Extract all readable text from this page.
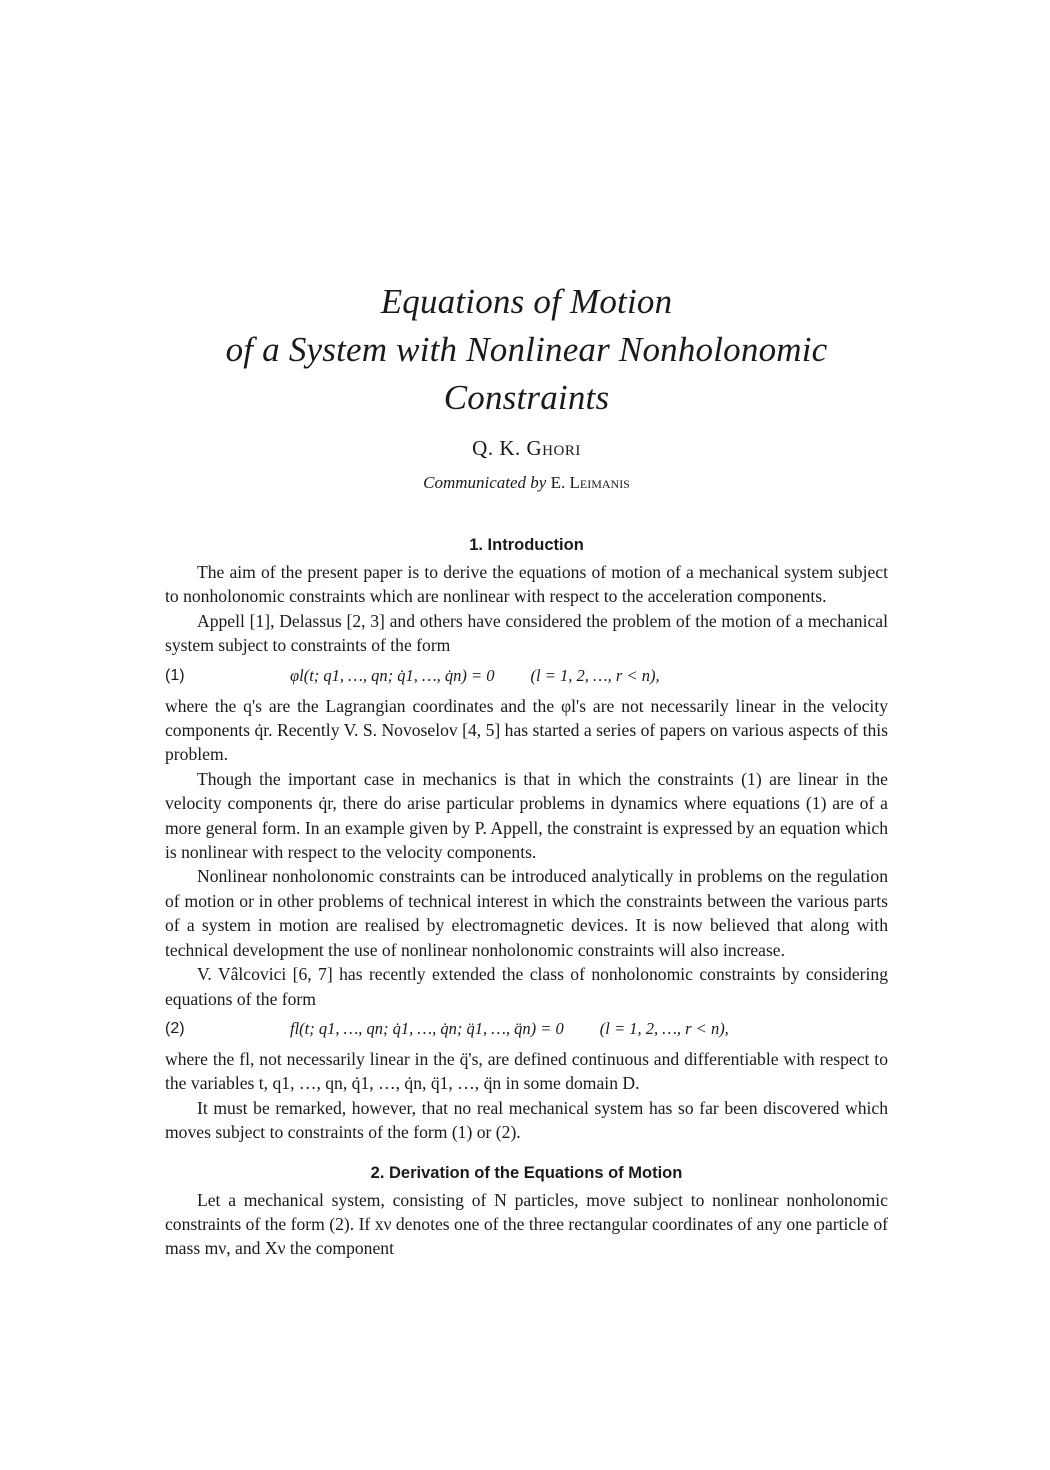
Equations of Motion
of a System with Nonlinear Nonholonomic Constraints
Q. K. Ghori
Communicated by E. Leimanis
1. Introduction

The aim of the present paper is to derive the equations of motion of a mechanical system subject to nonholonomic constraints which are nonlinear with respect to the acceleration components.

Appell [1], Delassus [2, 3] and others have considered the problem of the motion of a mechanical system subject to constraints of the form

(1)	φl(t; q1, …, qn; q̇1, …, q̇n) = 0 (l = 1, 2, …, r < n),

where the q's are the Lagrangian coordinates and the φl's are not necessarily linear in the velocity components q̇r. Recently V. S. Novoselov [4, 5] has started a series of papers on various aspects of this problem.

Though the important case in mechanics is that in which the constraints (1) are linear in the velocity components q̇r, there do arise particular problems in dynamics where equations (1) are of a more general form. In an example given by P. Appell, the constraint is expressed by an equation which is nonlinear with respect to the velocity components.

Nonlinear nonholonomic constraints can be introduced analytically in problems on the regulation of motion or in other problems of technical interest in which the constraints between the various parts of a system in motion are realised by electromagnetic devices. It is now believed that along with technical development the use of nonlinear nonholonomic constraints will also increase.

V. Vâlcovici [6, 7] has recently extended the class of nonholonomic constraints by considering equations of the form

(2)	fl(t; q1, …, qn; q̇1, …, q̇n; q̈1, …, q̈n) = 0 (l = 1, 2, …, r < n),

where the fl, not necessarily linear in the q̈'s, are defined continuous and differentiable with respect to the variables t, q1, …, qn, q̇1, …, q̇n, q̈1, …, q̈n in some domain D.

It must be remarked, however, that no real mechanical system has so far been discovered which moves subject to constraints of the form (1) or (2).

2. Derivation of the Equations of Motion

Let a mechanical system, consisting of N particles, move subject to nonlinear nonholonomic constraints of the form (2). If xν denotes one of the three rectangular coordinates of any one particle of mass mν, and Xν the component
